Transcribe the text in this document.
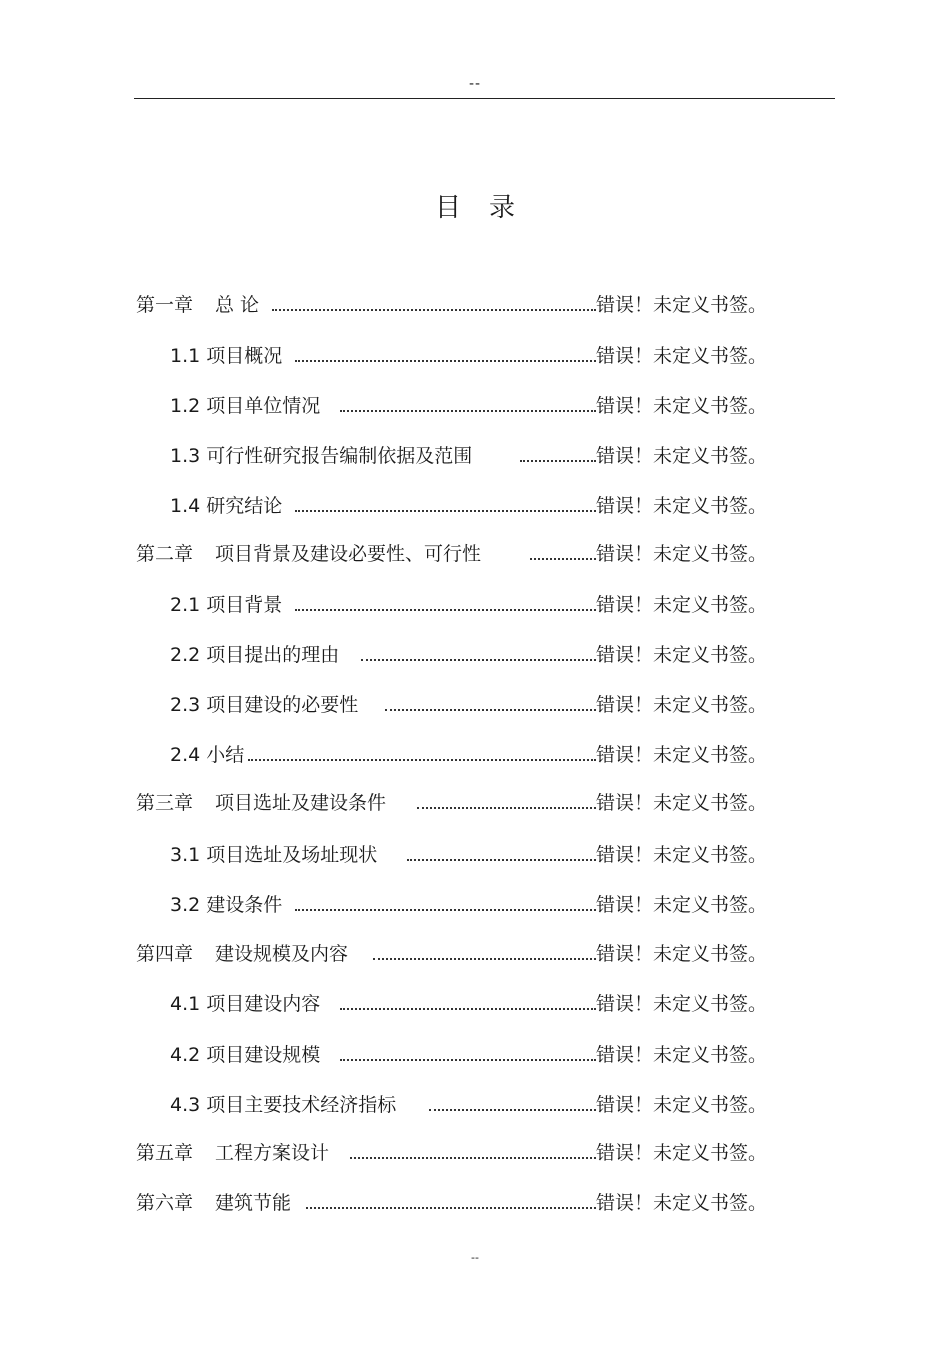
--
目 录
第一章 总 论	错误！未定义书签。
1.1 项目概况	错误！未定义书签。
1.2 项目单位情况	错误！未定义书签。
1.3 可行性研究报告编制依据及范围	错误！未定义书签。
1.4 研究结论	错误！未定义书签。
第二章 项目背景及建设必要性、可行性	错误！未定义书签。
2.1 项目背景	错误！未定义书签。
2.2 项目提出的理由	错误！未定义书签。
2.3 项目建设的必要性	错误！未定义书签。
2.4 小结	错误！未定义书签。
第三章 项目选址及建设条件	错误！未定义书签。
3.1 项目选址及场址现状	错误！未定义书签。
3.2 建设条件	错误！未定义书签。
第四章 建设规模及内容	错误！未定义书签。
4.1 项目建设内容	错误！未定义书签。
4.2 项目建设规模	错误！未定义书签。
4.3 项目主要技术经济指标	错误！未定义书签。
第五章 工程方案设计	错误！未定义书签。
第六章 建筑节能	错误！未定义书签。
--
